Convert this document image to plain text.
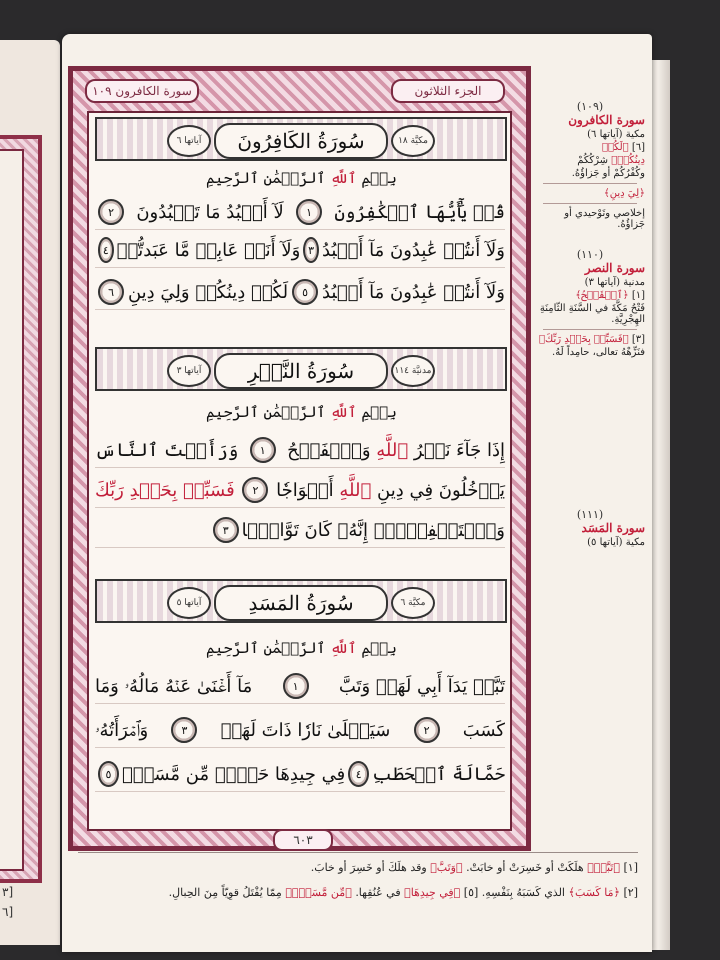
[٣
[٦
سورة الكافرون ١٠٩	الجزء الثلاثون
مكيَّة ١٨
سُورَةُ الكَافِرُونَ
آياتها ٦
بِسۡمِ ٱللَّهِ ٱلرَّحۡمَٰنِ ٱلرَّحِيمِ
قُلۡ يَٰٓأَيُّهَا ٱلۡكَٰفِرُونَ
١
لَآ أَعۡبُدُ مَا تَعۡبُدُونَ
٢
وَلَآ أَنتُمۡ عَٰبِدُونَ مَآ أَعۡبُدُ
٣
وَلَآ أَنَا۠ عَابِدٞ مَّا عَبَدتُّمۡ
٤
وَلَآ أَنتُمۡ عَٰبِدُونَ مَآ أَعۡبُدُ
٥
لَكُمۡ دِينُكُمۡ وَلِيَ دِينِ
٦
مدنيَّة ١١٤
سُورَةُ النَّصۡرِ
آياتها ٣
بِسۡمِ ٱللَّهِ ٱلرَّحۡمَٰنِ ٱلرَّحِيمِ
إِذَا جَآءَ نَصۡرُ ٱللَّهِ وَٱلۡفَتۡحُ
١
وَرَأَيۡتَ ٱلنَّاسَ
يَدۡخُلُونَ فِي دِينِ ٱللَّهِ أَفۡوَاجٗا
٢
فَسَبِّحۡ بِحَمۡدِ رَبِّكَ
وَٱسۡتَغۡفِرۡهُۚ إِنَّهُۥ كَانَ تَوَّابَۢا
٣
مكيَّة ٦
سُورَةُ المَسَدِ
آياتها ٥
بِسۡمِ ٱللَّهِ ٱلرَّحۡمَٰنِ ٱلرَّحِيمِ
تَبَّتۡ يَدَآ أَبِي لَهَبٖ وَتَبَّ
١
مَآ أَغۡنَىٰ عَنۡهُ مَالُهُۥ وَمَا
كَسَبَ
٢
سَيَصۡلَىٰ نَارٗا ذَاتَ لَهَبٖ
٣
وَٱمۡرَأَتُهُۥ
حَمَّالَةَ ٱلۡحَطَبِ
٤
فِي جِيدِهَا حَبۡلٞ مِّن مَّسَدِۭ
٥
٦٠٣
(١٠٩)
سورة الكافرون
مكية (آياتها ٦)
[٦] ﴿لَكُمۡ
دِينُكُمۡ﴾ شِرْكُكُمْ
وكُفْرُكُمْ أو جَزاؤُهُ.
﴿لِيَ دِينِ﴾
إخلاصي وتَوْحيدي أو جَزاؤُهُ.
(١١٠)
سورة النصر
مدنية (آياتها ٣)
[١] ﴿ٱلۡفَتۡحُ﴾
فَتْحُ مَكَّةَ في السَّنَةِ الثّامِنَةِ الهِجْرِيَّةِ.
[٣] ﴿فَسَبِّحۡ بِحَمۡدِ رَبِّكَ﴾
فنَزِّهْهُ تعالى، حامِداً لَهُ.
(١١١)
سورة المَسَد
مكية (آياتها ٥)
[١] ﴿تَبَّتۡ﴾ هلَكَتْ أو خَسِرَتْ أو خابَتْ. ﴿وَتَبَّ﴾ وقد هلَكَ أو خَسِرَ أو خابَ.
[٢] ﴿مَا كَسَبَ﴾ الذي كَسَبَهُ بِنَفْسِهِ. [٥] ﴿فِي جِيدِهَا﴾ في عُنُقِها. ﴿مِّن مَّسَدِۭ﴾ مِمّا يُفْتَلُ قوِيّاً مِنَ الحِبالِ.
